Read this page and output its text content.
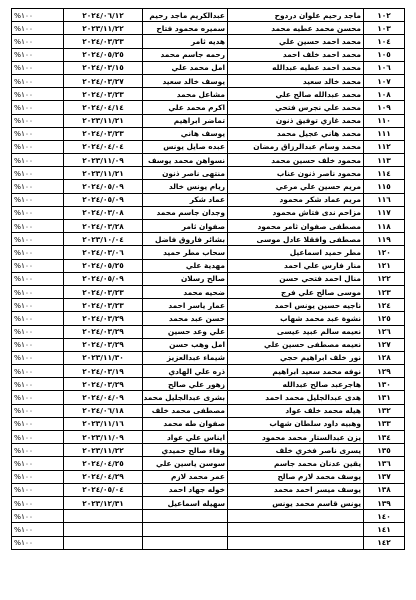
١٠٢	ماجد رحيم علوان دردوح	عبدالكريم ماجد رحيم	٢٠٢٤/٠٦/١٢	%١٠٠
١٠٣	محسن محمد عطيه محمد	سميره محمود فتاح	٢٠٢٣/١١/٢٢	%١٠٠
١٠٤	محمد احمد حسين علي	هديه ثامر	٢٠٢٤/٠٣/٢٣	%١٠٠
١٠٥	محمد احمد خلف احمد	رحمه جاسم محمد	٢٠٢٤/٠٥/٢٥	%١٠٠
١٠٦	محمد احمد عطيه عبدالله	امل محمد علي	٢٠٢٤/٠٣/١٥	%١٠٠
١٠٧	محمد خالد سعيد	يوسف خالد سعيد	٢٠٢٤/٠٣/٢٧	%١٠٠
١٠٨	محمد عبدالله صالح علي	مشاعل محمد	٢٠٢٤/٠٣/٢٣	%١٠٠
١٠٩	محمد علي نجرس فتحي	اكرم محمد علي	٢٠٢٤/٠٤/١٤	%١٠٠
١١٠	محمد غازي توفيق ذنون	تماضر ابراهيم	٢٠٢٣/١١/٢١	%١٠٠
١١١	محمد هاني عجيل محمد	يوسف هاني	٢٠٢٤/٠٣/٢٣	%١٠٠
١١٢	محمد وسام عبدالرزاق رمضان	عبده صايل يونس	٢٠٢٤/٠٤/٠٤	%١٠٠
١١٣	محمود خلف حسين محمد	نسواهن محمد يوسف	٢٠٢٣/١١/٠٩	%١٠٠
١١٤	محمود ناصر ذنون عناب	منتهى ناصر ذنون	٢٠٢٣/١١/٢١	%١٠٠
١١٥	مريم حسين علي مرعي	ريام يونس خالد	٢٠٢٤/٠٥/٠٩	%١٠٠
١١٦	مريم عماد شكر محمود	عماد شكر	٢٠٢٤/٠٥/٠٩	%١٠٠
١١٧	مزاحم ندى فتاش محمود	وجدان جاسم محمد	٢٠٢٤/٠٣/٠٨	%١٠٠
١١٨	مصطفى صفوان ثامر محمود	صفوان ثامر	٢٠٢٤/٠٣/٢٨	%١٠٠
١١٩	مصطفى وافقلا عادل موسى	بشائر فاروق فاضل	٢٠٢٣/١٠/٠٤	%١٠٠
١٢٠	مطر حميد اسماعيل	سحاب مطر حميد	٢٠٢٤/٠٣/٠٦	%١٠٠
١٢١	منار فارس علي احمد	مهدية علي	٢٠٢٤/٠٥/٢٥	%١٠٠
١٢٢	منال احمد فتحي حسن	صالح رسلان	٢٠٢٤/٠٥/٠٩	%١٠٠
١٢٣	موسى صالح علي فرج	ضحيه محمد	٢٠٢٤/٠٣/٢٣	%١٠٠
١٢٤	ناجيه حسين يونس احمد	عمار ياسر احمد	٢٠٢٤/٠٣/٢٣	%١٠٠
١٢٥	نشوة عبد محمد شهاب	حسن عبد محمد	٢٠٢٤/٠٣/٢٩	%١٠٠
١٢٦	نعيمه سالم عبيد عيسى	علي وعد حسين	٢٠٢٤/٠٣/٢٩	%١٠٠
١٢٧	نعيمه مصطفى حسين علي	امل وهب حسن	٢٠٢٤/٠٣/٢٩	%١٠٠
١٢٨	نور خلف ابراهيم حجي	شيماء عبدالعزيز	٢٠٢٣/١١/٣٠	%١٠٠
١٢٩	نوفه محمد سعيد ابراهيم	ذره علي الهادي	٢٠٢٤/٠٣/١٩	%١٠٠
١٣٠	هاجرعبد صالح عبدالله	زهور علي صالح	٢٠٢٤/٠٣/٢٩	%١٠٠
١٣١	هدى عبدالجليل محمد احمد	بشرى عبدالجليل محمد	٢٠٢٤/٠٤/٠٩	%١٠٠
١٣٢	هيله محمد خلف عواد	مصطفى محمد خلف	٢٠٢٤/٠٦/١٨	%١٠٠
١٣٣	وهبيه داود سلطان شهاب	صفوان طه محمد	٢٠٢٣/١١/١٦	%١٠٠
١٣٤	يزن عبدالستار محمد محمود	ايناس علي عواد	٢٠٢٣/١١/٠٩	%١٠٠
١٣٥	يسرى ناصر فخري خلف	وفاء صالح حميدي	٢٠٢٣/١١/٢٢	%١٠٠
١٣٦	يقين عدنان محمد جاسم	سوسن ياسين علي	٢٠٢٤/٠٤/٢٥	%١٠٠
١٣٧	يوسف محمد لازم صالح	عمر محمد لازم	٢٠٢٤/٠٤/٢٩	%١٠٠
١٣٨	يوسف ميسر احمد محمد	خوله جهاد احمد	٢٠٢٤/٠٥/٠٤	%١٠٠
١٣٩	يونس قاسم محمد يونس	سهيله اسماعيل	٢٠٢٣/١٢/٣١	%١٠٠
١٤٠				%١٠٠
١٤١				%١٠٠
١٤٢				%١٠٠
